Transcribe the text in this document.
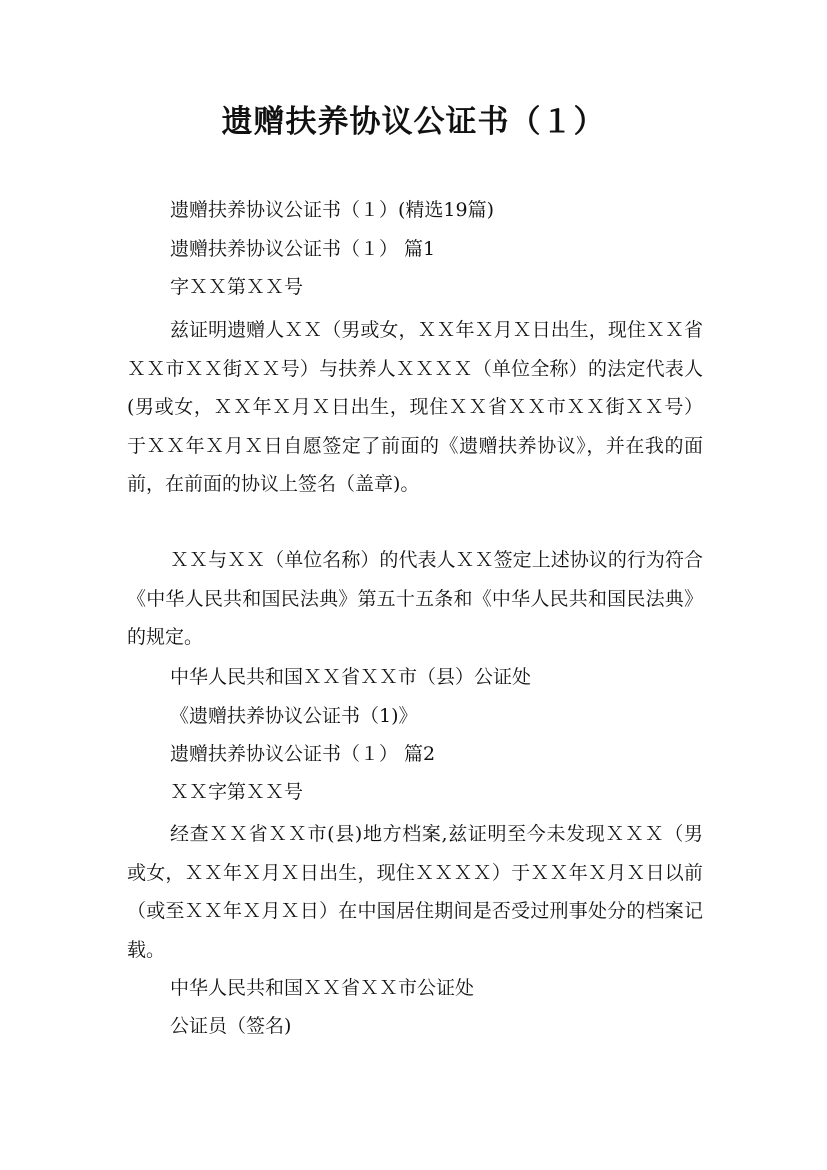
遗赠扶养协议公证书（１）

遗赠扶养协议公证书（１）(精选19篇)

遗赠扶养协议公证书（１） 篇1

字ＸＸ第ＸＸ号

兹证明遗赠人ＸＸ（男或女，ＸＸ年Ｘ月Ｘ日出生，现住ＸＸ省ＸＸ市ＸＸ街ＸＸ号）与扶养人ＸＸＸＸ（单位全称）的法定代表人(男或女，ＸＸ年Ｘ月Ｘ日出生，现住ＸＸ省ＸＸ市ＸＸ街ＸＸ号）于ＸＸ年Ｘ月Ｘ日自愿签定了前面的《遗赠扶养协议》，并在我的面前，在前面的协议上签名（盖章)。

ＸＸ与ＸＸ（单位名称）的代表人ＸＸ签定上述协议的行为符合《中华人民共和国民法典》第五十五条和《中华人民共和国民法典》的规定。

中华人民共和国ＸＸ省ＸＸ市（县）公证处

《遗赠扶养协议公证书（1)》

遗赠扶养协议公证书（１） 篇2

ＸＸ字第ＸＸ号

经查ＸＸ省ＸＸ市(县)地方档案,兹证明至今未发现ＸＸＸ（男或女，ＸＸ年Ｘ月Ｘ日出生，现住ＸＸＸＸ）于ＸＸ年Ｘ月Ｘ日以前（或至ＸＸ年Ｘ月Ｘ日）在中国居住期间是否受过刑事处分的档案记载。

中华人民共和国ＸＸ省ＸＸ市公证处

公证员（签名)
